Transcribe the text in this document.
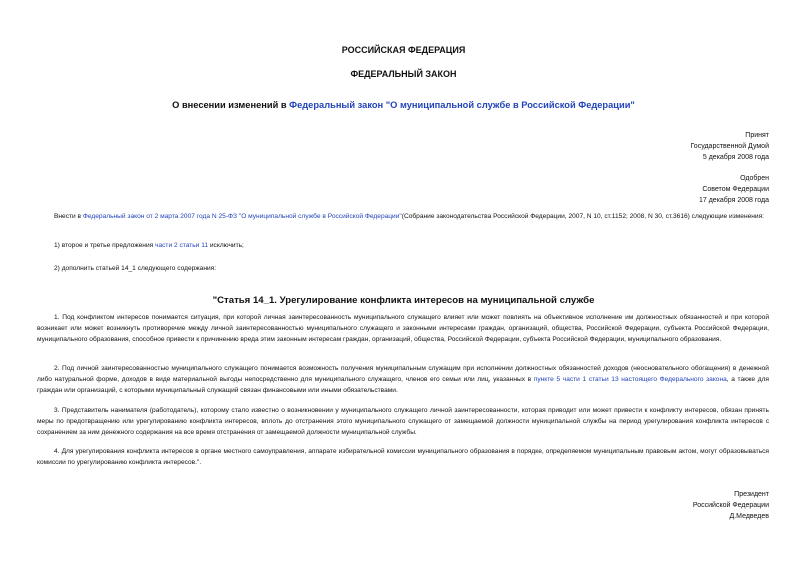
РОССИЙСКАЯ ФЕДЕРАЦИЯ
ФЕДЕРАЛЬНЫЙ ЗАКОН
О внесении изменений в Федеральный закон "О муниципальной службе в Российской Федерации"
Принят
Государственной Думой
5 декабря 2008 года
Одобрен
Советом Федерации
17 декабря 2008 года
Внести в Федеральный закон от 2 марта 2007 года N 25-ФЗ "О муниципальной службе в Российской Федерации"(Собрание законодательства Российской Федерации, 2007, N 10, ст.1152; 2008, N 30, ст.3616) следующие изменения:
1) второе и третье предложения части 2 статьи 11 исключить;
2) дополнить статьей 14_1 следующего содержания:
"Статья 14_1. Урегулирование конфликта интересов на муниципальной службе
1. Под конфликтом интересов понимается ситуация, при которой личная заинтересованность муниципального служащего влияет или может повлиять на объективное исполнение им должностных обязанностей и при которой возникает или может возникнуть противоречие между личной заинтересованностью муниципального служащего и законными интересами граждан, организаций, общества, Российской Федерации, субъекта Российской Федерации, муниципального образования, способное привести к причинению вреда этим законным интересам граждан, организаций, общества, Российской Федерации, субъекта Российской Федерации, муниципального образования.
2. Под личной заинтересованностью муниципального служащего понимается возможность получения муниципальным служащим при исполнении должностных обязанностей доходов (неосновательного обогащения) в денежной либо натуральной форме, доходов в виде материальной выгоды непосредственно для муниципального служащего, членов его семьи или лиц, указанных в пункте 5 части 1 статьи 13 настоящего Федерального закона, а также для граждан или организаций, с которыми муниципальный служащий связан финансовыми или иными обязательствами.
3. Представитель нанимателя (работодатель), которому стало известно о возникновении у муниципального служащего личной заинтересованности, которая приводит или может привести к конфликту интересов, обязан принять меры по предотвращению или урегулированию конфликта интересов, вплоть до отстранения этого муниципального служащего от замещаемой должности муниципальной службы на период урегулирования конфликта интересов с сохранением за ним денежного содержания на все время отстранения от замещаемой должности муниципальной службы.
4. Для урегулирования конфликта интересов в органе местного самоуправления, аппарате избирательной комиссии муниципального образования в порядке, определяемом муниципальным правовым актом, могут образовываться комиссии по урегулированию конфликта интересов.".
Президент
Российской Федерации
Д.Медведев
